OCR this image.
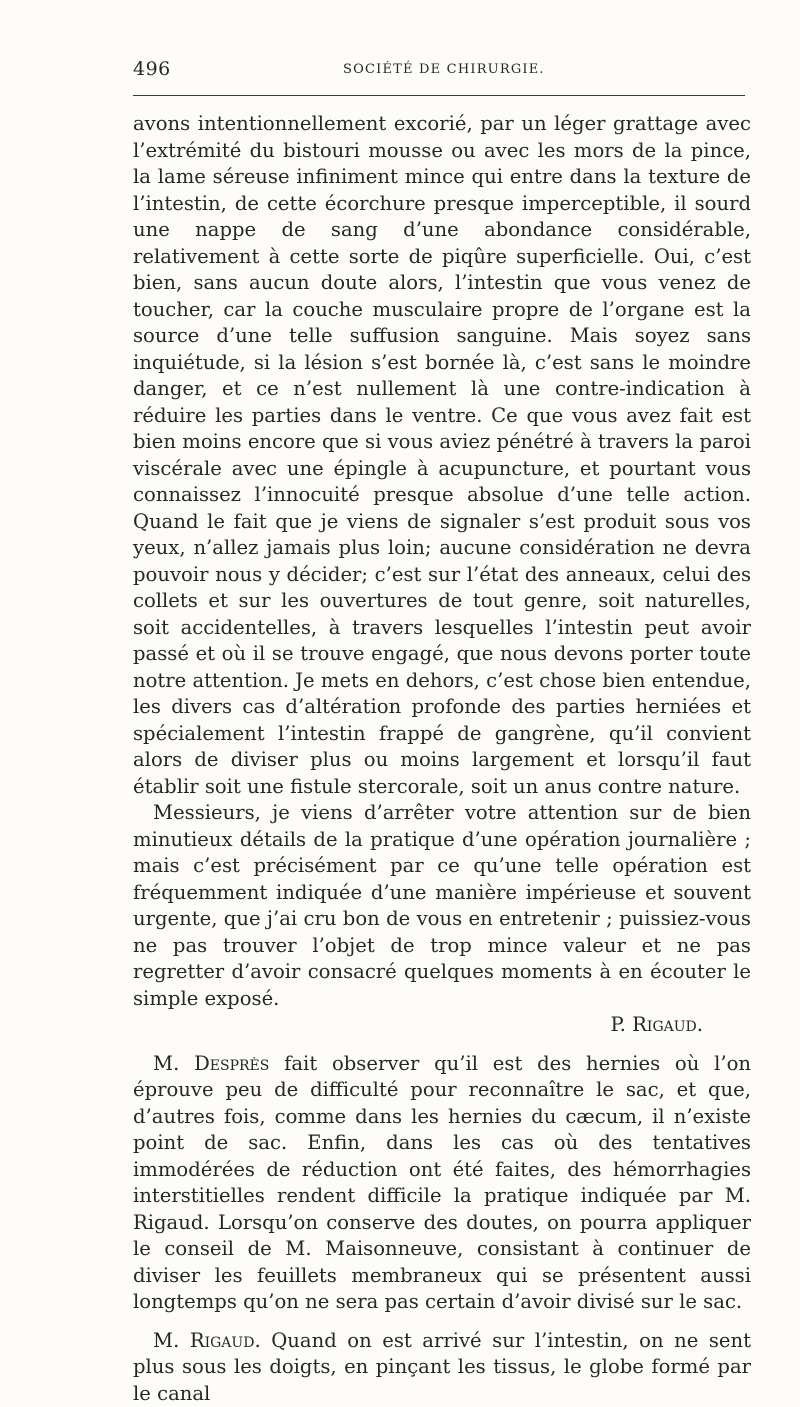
496	SOCIÉTÉ DE CHIRURGIE.

avons intentionnellement excorié, par un léger grattage avec l’extrémité du bistouri mousse ou avec les mors de la pince, la lame séreuse infiniment mince qui entre dans la texture de l’intestin, de cette écorchure presque imperceptible, il sourd une nappe de sang d’une abondance considérable, relativement à cette sorte de piqûre superficielle. Oui, c’est bien, sans aucun doute alors, l’intestin que vous venez de toucher, car la couche musculaire propre de l’organe est la source d’une telle suffusion sanguine. Mais soyez sans inquiétude, si la lésion s’est bornée là, c’est sans le moindre danger, et ce n’est nullement là une contre-indication à réduire les parties dans le ventre. Ce que vous avez fait est bien moins encore que si vous aviez pénétré à travers la paroi viscérale avec une épingle à acupuncture, et pourtant vous connaissez l’innocuité presque absolue d’une telle action. Quand le fait que je viens de signaler s’est produit sous vos yeux, n’allez jamais plus loin; aucune considération ne devra pouvoir nous y décider; c’est sur l’état des anneaux, celui des collets et sur les ouvertures de tout genre, soit naturelles, soit accidentelles, à travers lesquelles l’intestin peut avoir passé et où il se trouve engagé, que nous devons porter toute notre attention. Je mets en dehors, c’est chose bien entendue, les divers cas d’altération profonde des parties herniées et spécialement l’intestin frappé de gangrène, qu’il convient alors de diviser plus ou moins largement et lorsqu’il faut établir soit une fistule stercorale, soit un anus contre nature.

Messieurs, je viens d’arrêter votre attention sur de bien minutieux détails de la pratique d’une opération journalière ; mais c’est précisément par ce qu’une telle opération est fréquemment indiquée d’une manière impérieuse et souvent urgente, que j’ai cru bon de vous en entretenir ; puissiez-vous ne pas trouver l’objet de trop mince valeur et ne pas regretter d’avoir consacré quelques moments à en écouter le simple exposé.

P. Rigaud.

M. Desprès fait observer qu’il est des hernies où l’on éprouve peu de difficulté pour reconnaître le sac, et que, d’autres fois, comme dans les hernies du cæcum, il n’existe point de sac. Enfin, dans les cas où des tentatives immodérées de réduction ont été faites, des hémorrhagies interstitielles rendent difficile la pratique indiquée par M. Rigaud. Lorsqu’on conserve des doutes, on pourra appliquer le conseil de M. Maisonneuve, consistant à continuer de diviser les feuillets membraneux qui se présentent aussi longtemps qu’on ne sera pas certain d’avoir divisé sur le sac.

M. Rigaud. Quand on est arrivé sur l’intestin, on ne sent plus sous les doigts, en pinçant les tissus, le globe formé par le canal
